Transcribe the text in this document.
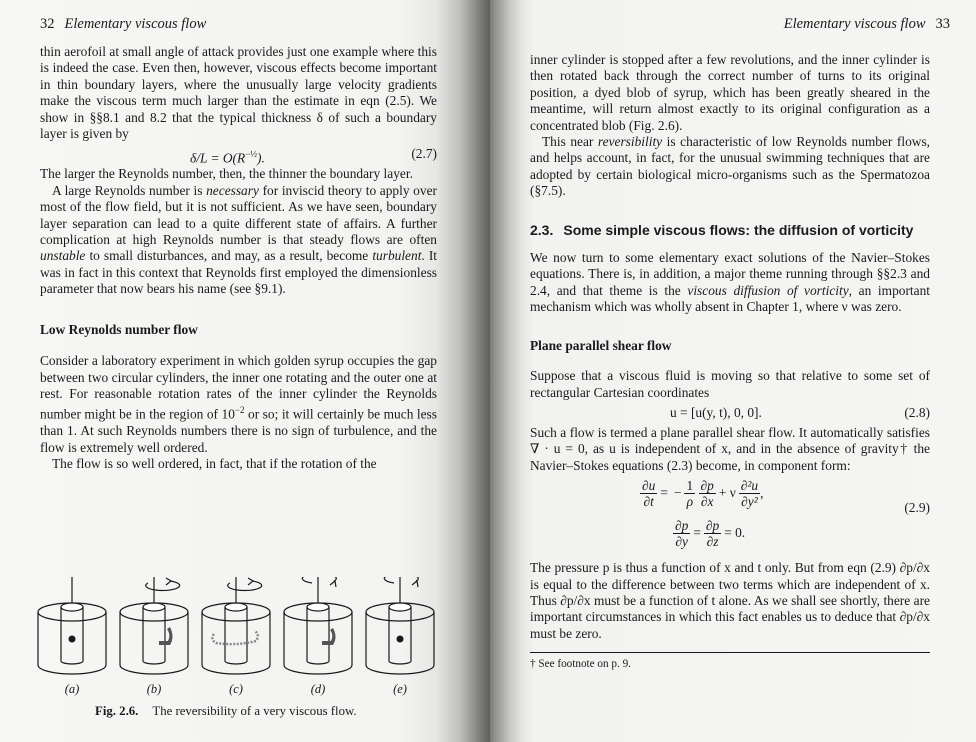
32 Elementary viscous flow

thin aerofoil at small angle of attack provides just one example where this is indeed the case. Even then, however, viscous effects become important in thin boundary layers, where the unusually large velocity gradients make the viscous term much larger than the estimate in eqn (2.5). We show in §§8.1 and 8.2 that the typical thickness δ of such a boundary layer is given by

$\delta/L = O(R^{-\frac{1}{2}})$.	(2.7)

The larger the Reynolds number, then, the thinner the boundary layer.

A large Reynolds number is necessary for inviscid theory to apply over most of the flow field, but it is not sufficient. As we have seen, boundary layer separation can lead to a quite different state of affairs. A further complication at high Reynolds number is that steady flows are often unstable to small disturbances, and may, as a result, become turbulent. It was in fact in this context that Reynolds first employed the dimensionless parameter that now bears his name (see §9.1).

Low Reynolds number flow

Consider a laboratory experiment in which golden syrup occupies the gap between two circular cylinders, the inner one rotating and the outer one at rest. For reasonable rotation rates of the inner cylinder the Reynolds number might be in the region of $10^{-2}$ or so; it will certainly be much less than 1. At such Reynolds numbers there is no sign of turbulence, and the flow is extremely well ordered.

The flow is so well ordered, in fact, that if the rotation of the

(a)	(b)	(c)	(d)	(e)
Fig. 2.6. The reversibility of a very viscous flow.
Elementary viscous flow 33

inner cylinder is stopped after a few revolutions, and the inner cylinder is then rotated back through the correct number of turns to its original position, a dyed blob of syrup, which has been greatly sheared in the meantime, will return almost exactly to its original configuration as a concentrated blob (Fig. 2.6).

This near reversibility is characteristic of low Reynolds number flows, and helps account, in fact, for the unusual swimming techniques that are adopted by certain biological micro-organisms such as the Spermatozoa (§7.5).

2.3. Some simple viscous flows: the diffusion of vorticity

We now turn to some elementary exact solutions of the Navier–Stokes equations. There is, in addition, a major theme running through §§2.3 and 2.4, and that theme is the viscous diffusion of vorticity, an important mechanism which was wholly absent in Chapter 1, where ν was zero.

Plane parallel shear flow

Suppose that a viscous fluid is moving so that relative to some set of rectangular Cartesian coordinates

u = [u(y, t), 0, 0].	(2.8)

Such a flow is termed a plane parallel shear flow. It automatically satisfies ∇ · u = 0, as u is independent of x, and in the absence of gravity† the Navier–Stokes equations (2.3) become, in component form:

$\frac{\partial u}{\partial t}$ = − $\frac{1}{\rho}$
$\frac{\partial p}{\partial x} + \nu \frac{\text{∂²u}}{\text{∂y²}}$ ,
$\frac{\partial p}{\partial y} = \frac{\partial p}{\partial z} = 0$.
(2.9)

The pressure p is thus a function of x and t only. But from eqn (2.9) ∂p/∂x is equal to the difference between two terms which are independent of x. Thus ∂p/∂x must be a function of t alone. As we shall see shortly, there are important circumstances in which this fact enables us to deduce that ∂p/∂x must be zero.

† See footnote on p. 9.
